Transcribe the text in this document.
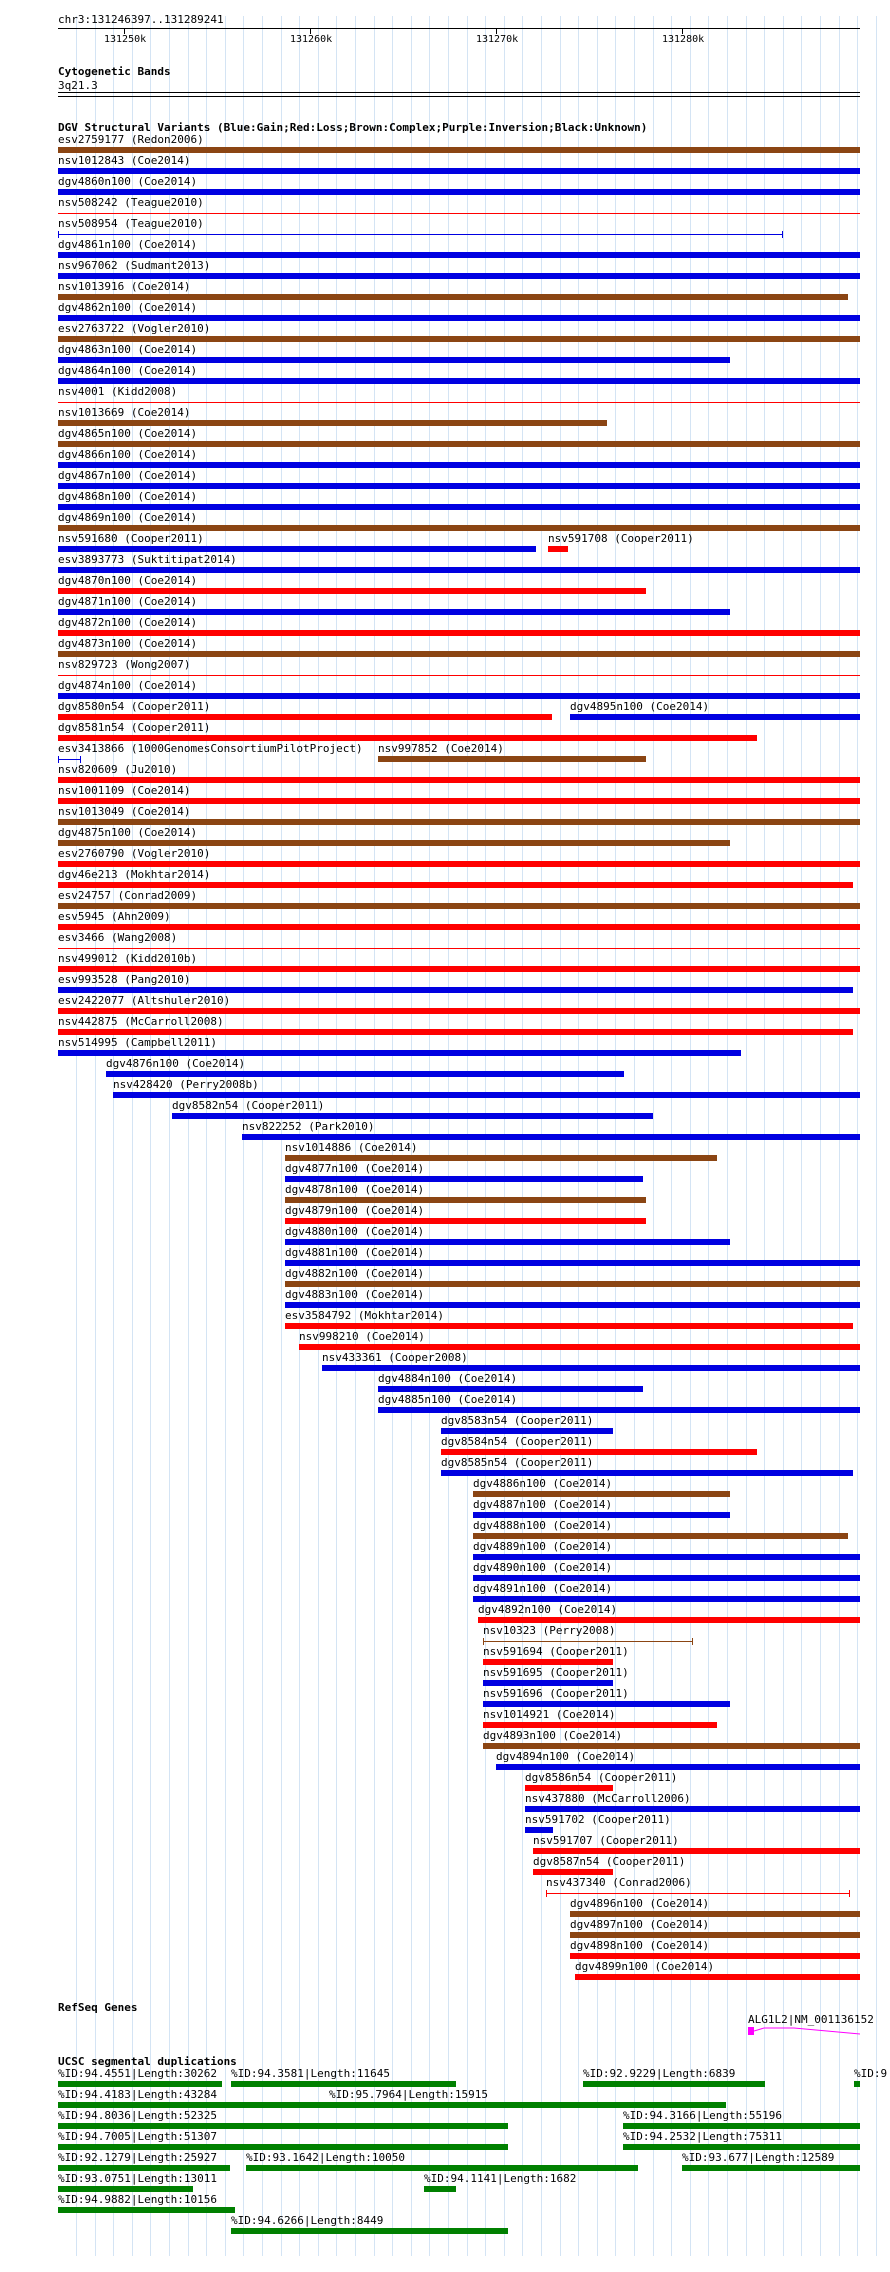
chr3:131246397..131289241
131250k	131260k	131270k	131280k
Cytogenetic Bands
3q21.3
DGV Structural Variants (Blue:Gain;Red:Loss;Brown:Complex;Purple:Inversion;Black:Unknown)
esv2759177 (Redon2006)
nsv1012843 (Coe2014)
dgv4860n100 (Coe2014)
nsv508242 (Teague2010)
nsv508954 (Teague2010)
dgv4861n100 (Coe2014)
nsv967062 (Sudmant2013)
nsv1013916 (Coe2014)
dgv4862n100 (Coe2014)
esv2763722 (Vogler2010)
dgv4863n100 (Coe2014)
dgv4864n100 (Coe2014)
nsv4001 (Kidd2008)
nsv1013669 (Coe2014)
dgv4865n100 (Coe2014)
dgv4866n100 (Coe2014)
dgv4867n100 (Coe2014)
dgv4868n100 (Coe2014)
dgv4869n100 (Coe2014)
nsv591680 (Cooper2011)	nsv591708 (Cooper2011)
esv3893773 (Suktitipat2014)
dgv4870n100 (Coe2014)
dgv4871n100 (Coe2014)
dgv4872n100 (Coe2014)
dgv4873n100 (Coe2014)
nsv829723 (Wong2007)
dgv4874n100 (Coe2014)
dgv8580n54 (Cooper2011)	dgv4895n100 (Coe2014)
dgv8581n54 (Cooper2011)
esv3413866 (1000GenomesConsortiumPilotProject) nsv997852 (Coe2014)
nsv820609 (Ju2010)
nsv1001109 (Coe2014)
nsv1013049 (Coe2014)
dgv4875n100 (Coe2014)
esv2760790 (Vogler2010)
dgv46e213 (Mokhtar2014)
esv24757 (Conrad2009)
esv5945 (Ahn2009)
esv3466 (Wang2008)
nsv499012 (Kidd2010b)
esv993528 (Pang2010)
esv2422077 (Altshuler2010)
nsv442875 (McCarroll2008)
nsv514995 (Campbell2011)
dgv4876n100 (Coe2014)
nsv428420 (Perry2008b)
dgv8582n54 (Cooper2011)
nsv822252 (Park2010)
nsv1014886 (Coe2014)
dgv4877n100 (Coe2014)
dgv4878n100 (Coe2014)
dgv4879n100 (Coe2014)
dgv4880n100 (Coe2014)
dgv4881n100 (Coe2014)
dgv4882n100 (Coe2014)
dgv4883n100 (Coe2014)
esv3584792 (Mokhtar2014)
nsv998210 (Coe2014)
nsv433361 (Cooper2008)
dgv4884n100 (Coe2014)
dgv4885n100 (Coe2014)
dgv8583n54 (Cooper2011)
dgv8584n54 (Cooper2011)
dgv8585n54 (Cooper2011)
dgv4886n100 (Coe2014)
dgv4887n100 (Coe2014)
dgv4888n100 (Coe2014)
dgv4889n100 (Coe2014)
dgv4890n100 (Coe2014)
dgv4891n100 (Coe2014)
dgv4892n100 (Coe2014)
nsv10323 (Perry2008)
nsv591694 (Cooper2011)
nsv591695 (Cooper2011)
nsv591696 (Cooper2011)
nsv1014921 (Coe2014)
dgv4893n100 (Coe2014)
dgv4894n100 (Coe2014)
dgv8586n54 (Cooper2011)
nsv437880 (McCarroll2006)
nsv591702 (Cooper2011)
nsv591707 (Cooper2011)
dgv8587n54 (Cooper2011)
nsv437340 (Conrad2006)
dgv4896n100 (Coe2014)
dgv4897n100 (Coe2014)
dgv4898n100 (Coe2014)
dgv4899n100 (Coe2014)
RefSeq Genes
ALG1L2|NM_001136152
UCSC segmental duplications
%ID:94.4551|Length:30262 %ID:94.3581|Length:11645	%ID:92.9229|Length:6839	%ID:9
%ID:94.4183|Length:43284	%ID:95.7964|Length:15915
%ID:94.8036|Length:52325	%ID:94.3166|Length:55196
%ID:94.7005|Length:51307	%ID:94.2532|Length:75311
%ID:92.1279|Length:25927	%ID:93.1642|Length:10050	%ID:93.677|Length:12589
%ID:93.0751|Length:13011	%ID:94.1141|Length:1682
%ID:94.9882|Length:10156
%ID:94.6266|Length:8449
